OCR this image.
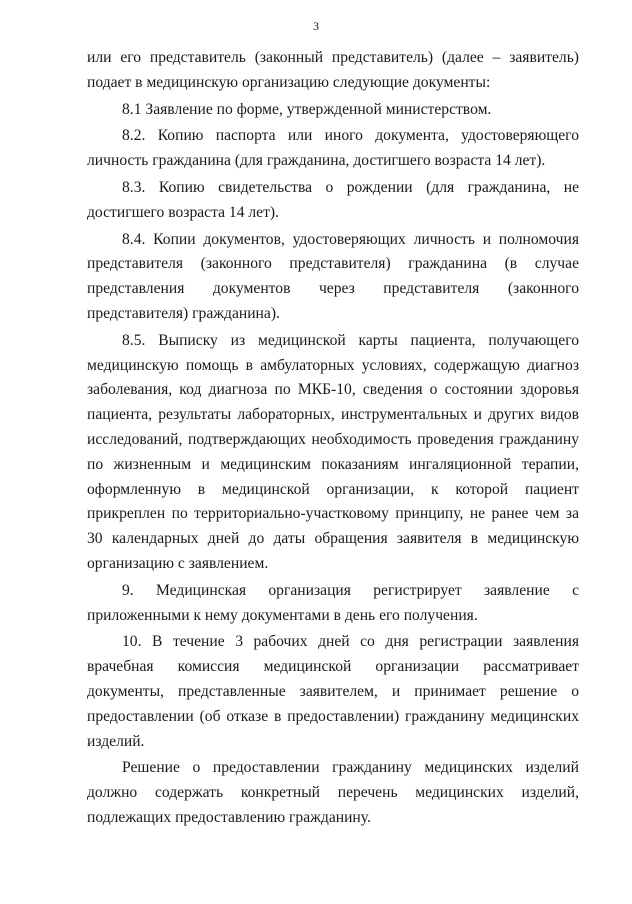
3

или его представитель (законный представитель) (далее – заявитель) подает в медицинскую организацию следующие документы:

8.1 Заявление по форме, утвержденной министерством.

8.2. Копию паспорта или иного документа, удостоверяющего личность гражданина (для гражданина, достигшего возраста 14 лет).

8.3. Копию свидетельства о рождении (для гражданина, не достигшего возраста 14 лет).

8.4. Копии документов, удостоверяющих личность и полномочия представителя (законного представителя) гражданина (в случае представления документов через представителя (законного представителя) гражданина).

8.5. Выписку из медицинской карты пациента, получающего медицинскую помощь в амбулаторных условиях, содержащую диагноз заболевания, код диагноза по МКБ-10, сведения о состоянии здоровья пациента, результаты лабораторных, инструментальных и других видов исследований, подтверждающих необходимость проведения гражданину по жизненным и медицинским показаниям ингаляционной терапии, оформленную в медицинской организации, к которой пациент прикреплен по территориально-участковому принципу, не ранее чем за 30 календарных дней до даты обращения заявителя в медицинскую организацию с заявлением.

9. Медицинская организация регистрирует заявление с приложенными к нему документами в день его получения.

10. В течение 3 рабочих дней со дня регистрации заявления врачебная комиссия медицинской организации рассматривает документы, представленные заявителем, и принимает решение о предоставлении (об отказе в предоставлении) гражданину медицинских изделий.

Решение о предоставлении гражданину медицинских изделий должно содержать конкретный перечень медицинских изделий, подлежащих предоставлению гражданину.
